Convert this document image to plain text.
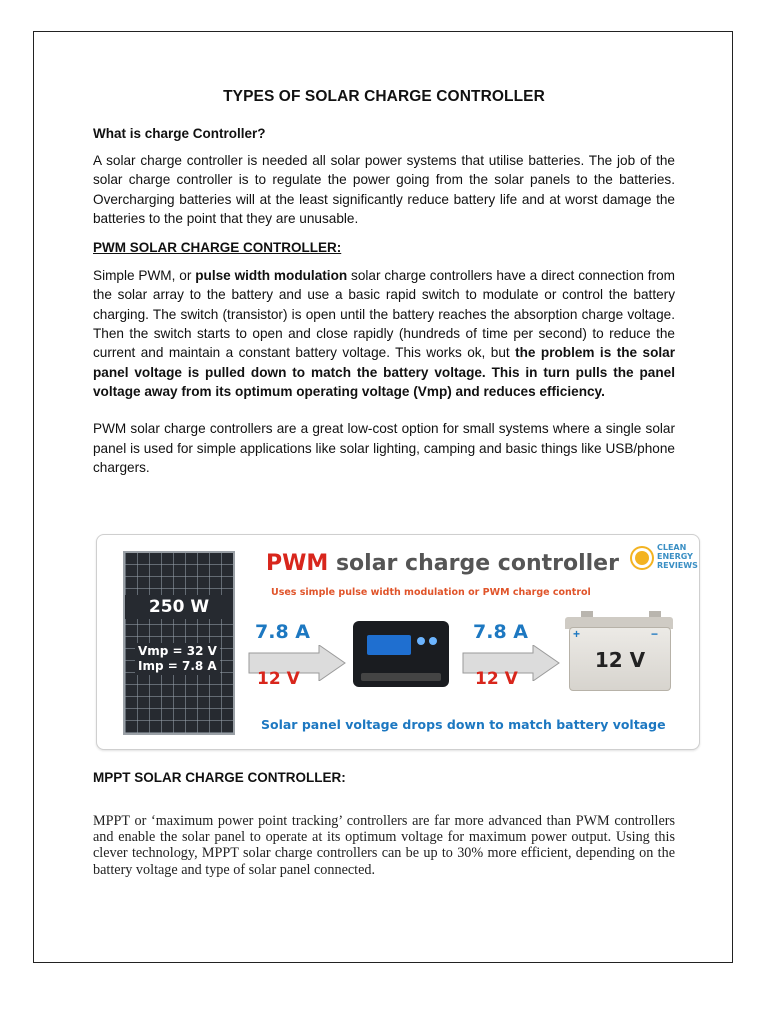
TYPES OF SOLAR CHARGE CONTROLLER
What is charge Controller?

A solar charge controller is needed all solar power systems that utilise batteries. The job of the solar charge controller is to regulate the power going from the solar panels to the batteries. Overcharging batteries will at the least significantly reduce battery life and at worst damage the batteries to the point that they are unusable.

PWM SOLAR CHARGE CONTROLLER:

Simple PWM, or pulse width modulation solar charge controllers have a direct connection from the solar array to the battery and use a basic rapid switch to modulate or control the battery charging. The switch (transistor) is open until the battery reaches the absorption charge voltage. Then the switch starts to open and close rapidly (hundreds of time per second) to reduce the current and maintain a constant battery voltage. This works ok, but the problem is the solar panel voltage is pulled down to match the battery voltage. This in turn pulls the panel voltage away from its optimum operating voltage (Vmp) and reduces efficiency.

PWM solar charge controllers are a great low-cost option for small systems where a single solar panel is used for simple applications like solar lighting, camping and basic things like USB/phone chargers.

250 W
Vmp = 32 V
Imp = 7.8 A
PWM solar charge controller
Uses simple pulse width modulation or PWM charge control
CLEAN
ENERGY
REVIEWS
7.8 A
12 V
7.8 A
12 V
12 V
+	−
Solar panel voltage drops down to match battery voltage
MPPT SOLAR CHARGE CONTROLLER:

MPPT or ‘maximum power point tracking’ controllers are far more advanced than PWM controllers and enable the solar panel to operate at its optimum voltage for maximum power output. Using this clever technology, MPPT solar charge controllers can be up to 30% more efficient, depending on the battery voltage and type of solar panel connected.
